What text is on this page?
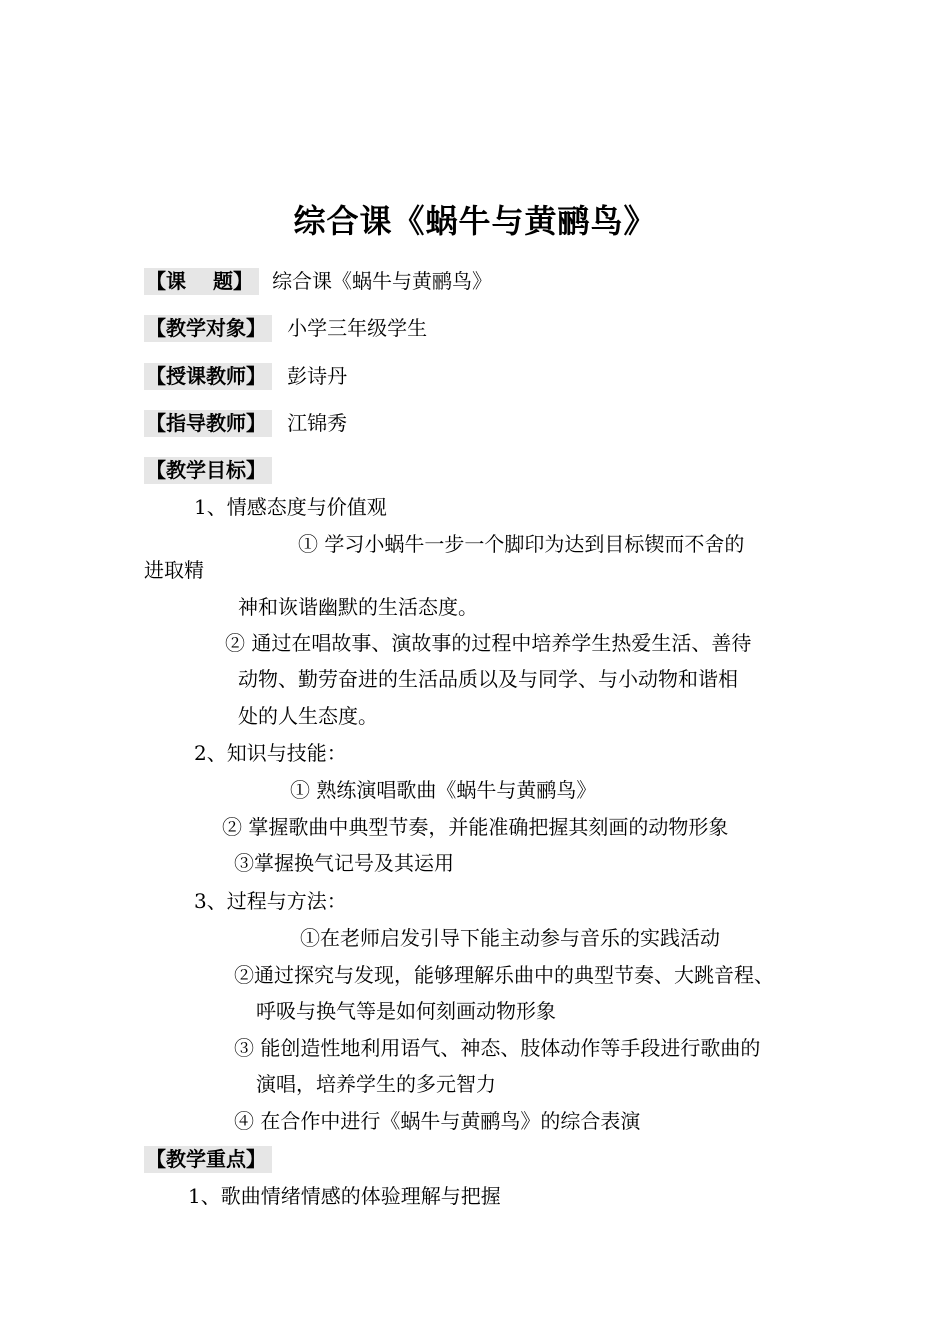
综合课《蜗牛与黄鹂鸟》
【课　 题】 综合课《蜗牛与黄鹂鸟》
【教学对象】 小学三年级学生
【授课教师】 彭诗丹
【指导教师】 江锦秀
【教学目标】
1、情感态度与价值观
① 学习小蜗牛一步一个脚印为达到目标锲而不舍的
进取精
神和诙谐幽默的生活态度。
② 通过在唱故事、演故事的过程中培养学生热爱生活、善待
动物、勤劳奋进的生活品质以及与同学、与小动物和谐相
处的人生态度。
2、知识与技能：
① 熟练演唱歌曲《蜗牛与黄鹂鸟》
② 掌握歌曲中典型节奏，并能准确把握其刻画的动物形象
③掌握换气记号及其运用
3、过程与方法：
①在老师启发引导下能主动参与音乐的实践活动
②通过探究与发现，能够理解乐曲中的典型节奏、大跳音程、
呼吸与换气等是如何刻画动物形象
③ 能创造性地利用语气、神态、肢体动作等手段进行歌曲的
演唱，培养学生的多元智力
④ 在合作中进行《蜗牛与黄鹂鸟》的综合表演
【教学重点】
1、歌曲情绪情感的体验理解与把握
